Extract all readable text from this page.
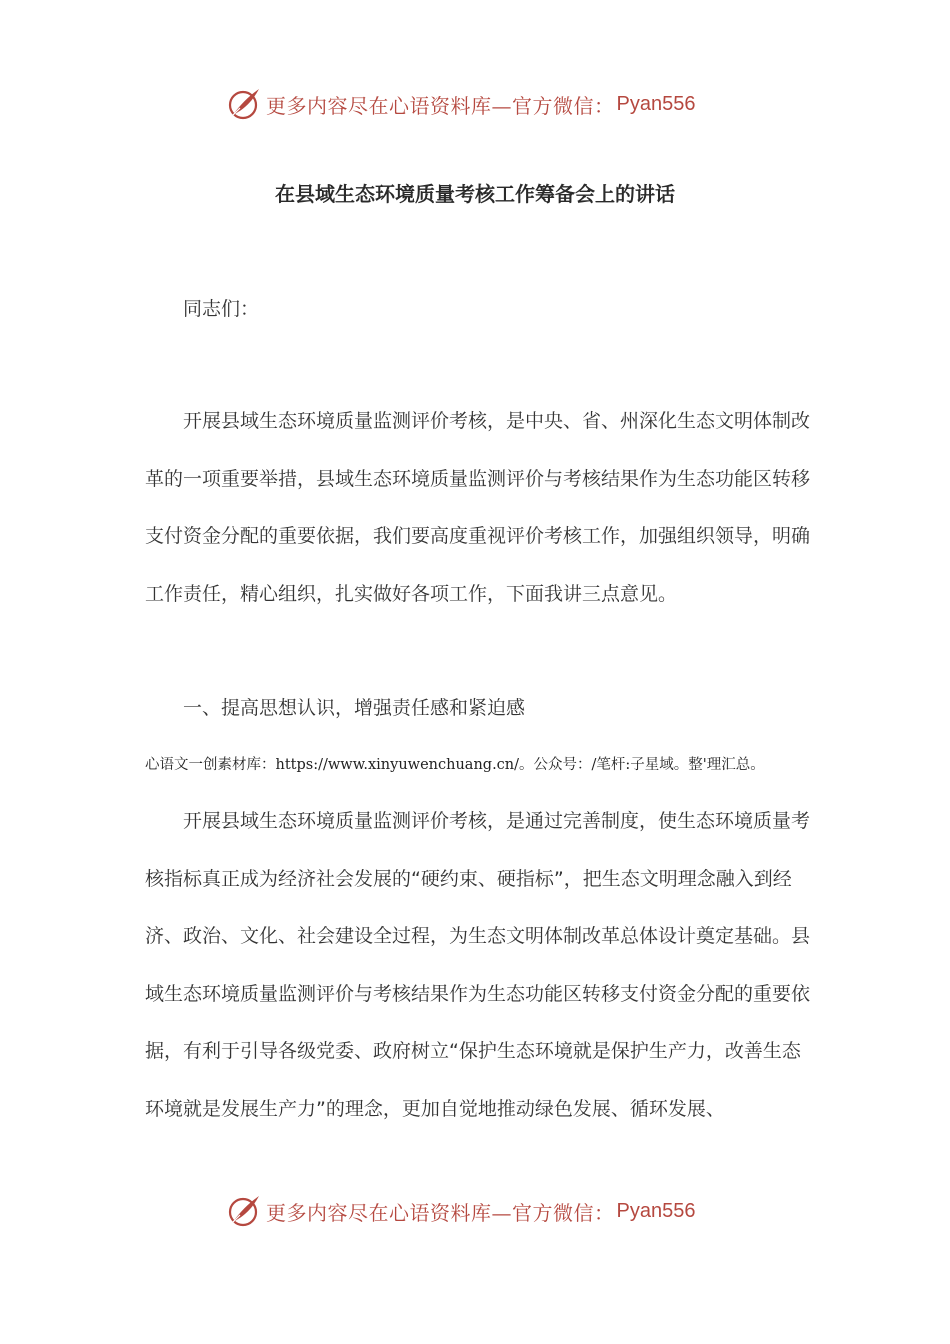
更多内容尽在心语资料库—官方微信： Pyan556
在县域生态环境质量考核工作筹备会上的讲话

同志们：

开展县域生态环境质量监测评价考核，是中央、省、州深化生态文明体制改革的一项重要举措，县域生态环境质量监测评价与考核结果作为生态功能区转移支付资金分配的重要依据，我们要高度重视评价考核工作，加强组织领导，明确工作责任，精心组织，扎实做好各项工作，下面我讲三点意见。

一、提高思想认识，增强责任感和紧迫感

心语文一创素材库：https://www.xinyuwenchuang.cn/。公众号：/笔杆:子星域。整'理汇总。

开展县域生态环境质量监测评价考核，是通过完善制度，使生态环境质量考核指标真正成为经济社会发展的“硬约束、硬指标”，把生态文明理念融入到经济、政治、文化、社会建设全过程，为生态文明体制改革总体设计奠定基础。县域生态环境质量监测评价与考核结果作为生态功能区转移支付资金分配的重要依据，有利于引导各级党委、政府树立“保护生态环境就是保护生产力，改善生态环境就是发展生产力”的理念，更加自觉地推动绿色发展、循环发展、

更多内容尽在心语资料库—官方微信： Pyan556
